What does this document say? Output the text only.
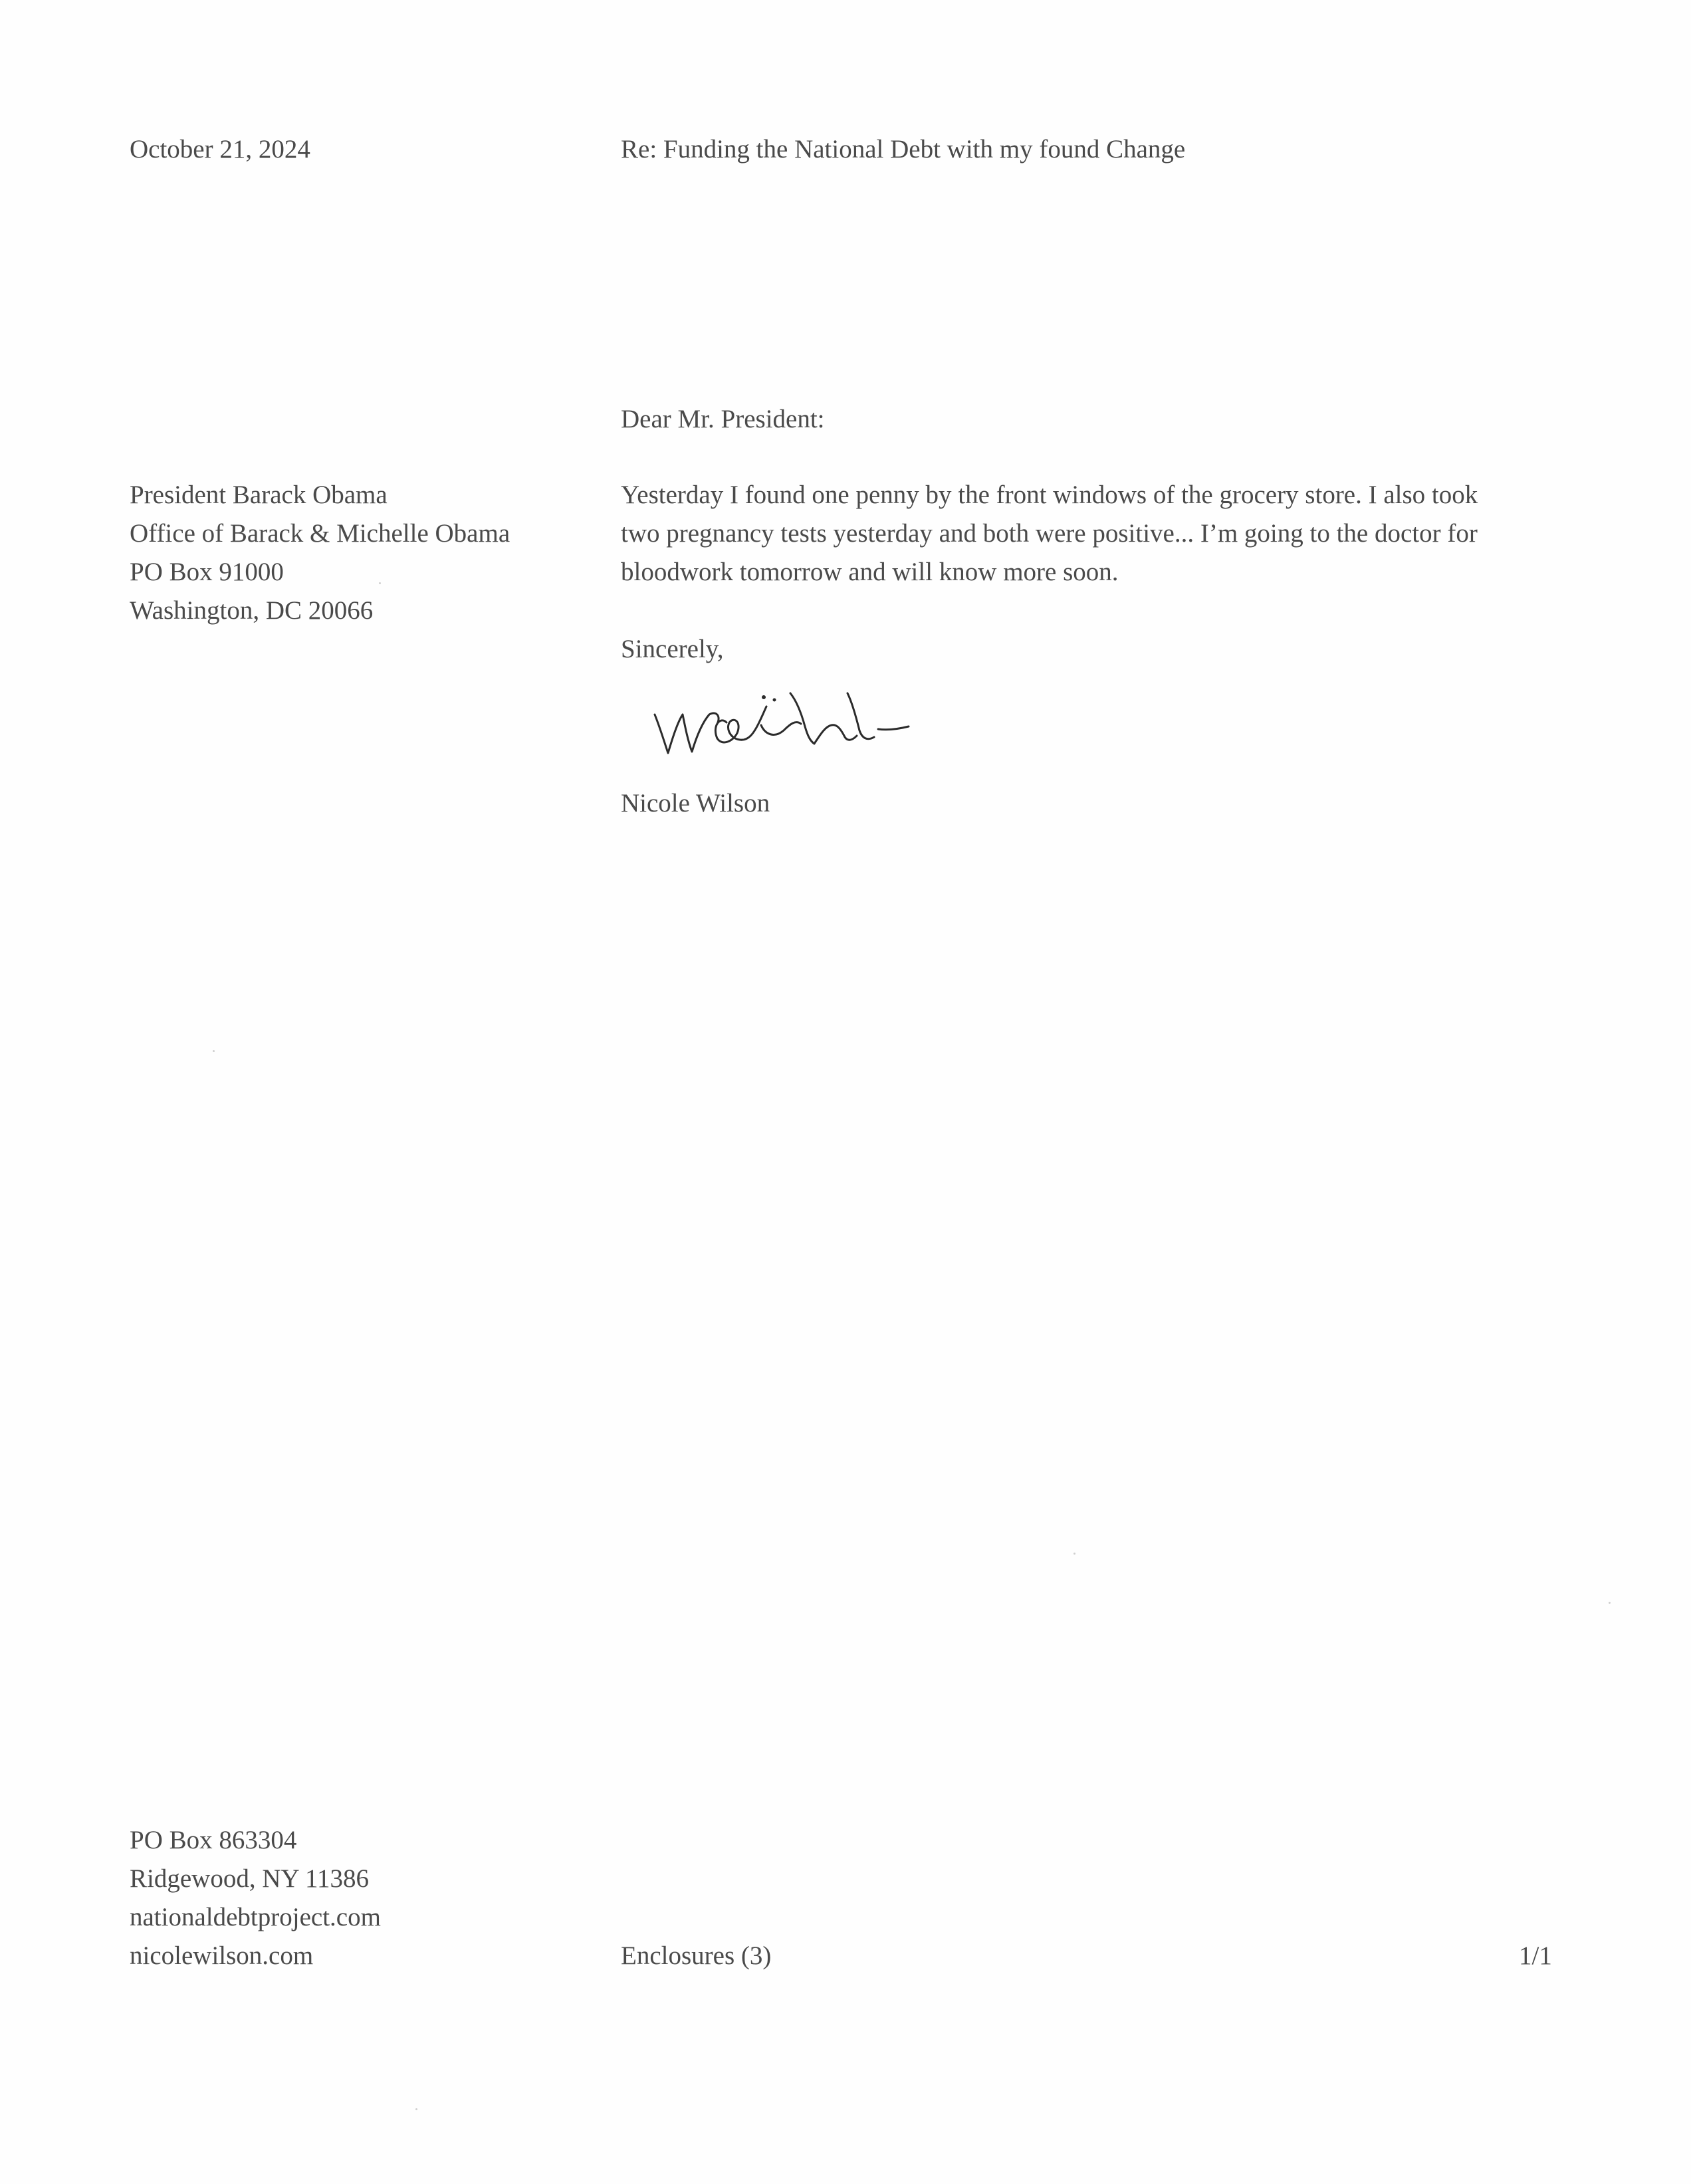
October 21, 2024	Re: Funding the National Debt with my found Change

Dear Mr. President:

President Barack Obama
Office of Barack & Michelle Obama
PO Box 91000
Washington, DC 20066
Yesterday I found one penny by the front windows of the grocery store. I also took
two pregnancy tests yesterday and both were positive... I’m going to the doctor for
bloodwork tomorrow and will know more soon.

Sincerely,

Nicole Wilson

PO Box 863304
Ridgewood, NY 11386
nationaldebtproject.com
nicolewilson.com	Enclosures (3)	1/1
